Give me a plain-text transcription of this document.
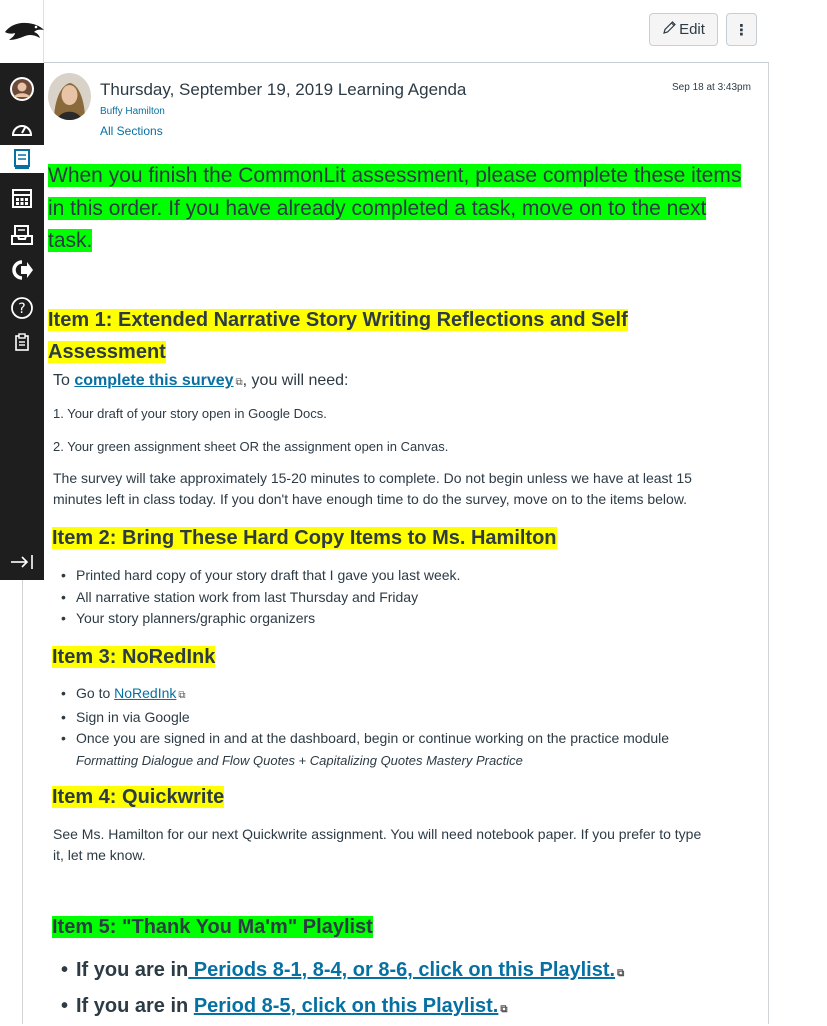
Edit ⋮
?
Thursday, September 19, 2019 Learning Agenda
Buffy Hamilton
All Sections
Sep 18 at 3:43pm
When you finish the CommonLit assessment, please complete these items in this order. If you have already completed a task, move on to the next task.
Item 1: Extended Narrative Story Writing Reflections and Self
Assessment
To complete this survey ⧉, you will need:
1. Your draft of your story open in Google Docs.
2. Your green assignment sheet OR the assignment open in Canvas.
The survey will take approximately 15-20 minutes to complete. Do not begin unless we have at least 15
minutes left in class today. If you don't have enough time to do the survey, move on to the items below.
Item 2: Bring These Hard Copy Items to Ms. Hamilton
• Printed hard copy of your story draft that I gave you last week.
• All narrative station work from last Thursday and Friday
• Your story planners/graphic organizers
Item 3: NoRedInk
• Go to NoRedInk ⧉
• Sign in via Google
• Once you are signed in and at the dashboard, begin or continue working on the practice module
Formatting Dialogue and Flow Quotes + Capitalizing Quotes Mastery Practice
Item 4: Quickwrite
See Ms. Hamilton for our next Quickwrite assignment. You will need notebook paper. If you prefer to type
it, let me know.
Item 5: "Thank You Ma'm" Playlist
• If you are in Periods 8-1, 8-4, or 8-6, click on this Playlist. ⧉
• If you are in Period 8-5, click on this Playlist. ⧉
